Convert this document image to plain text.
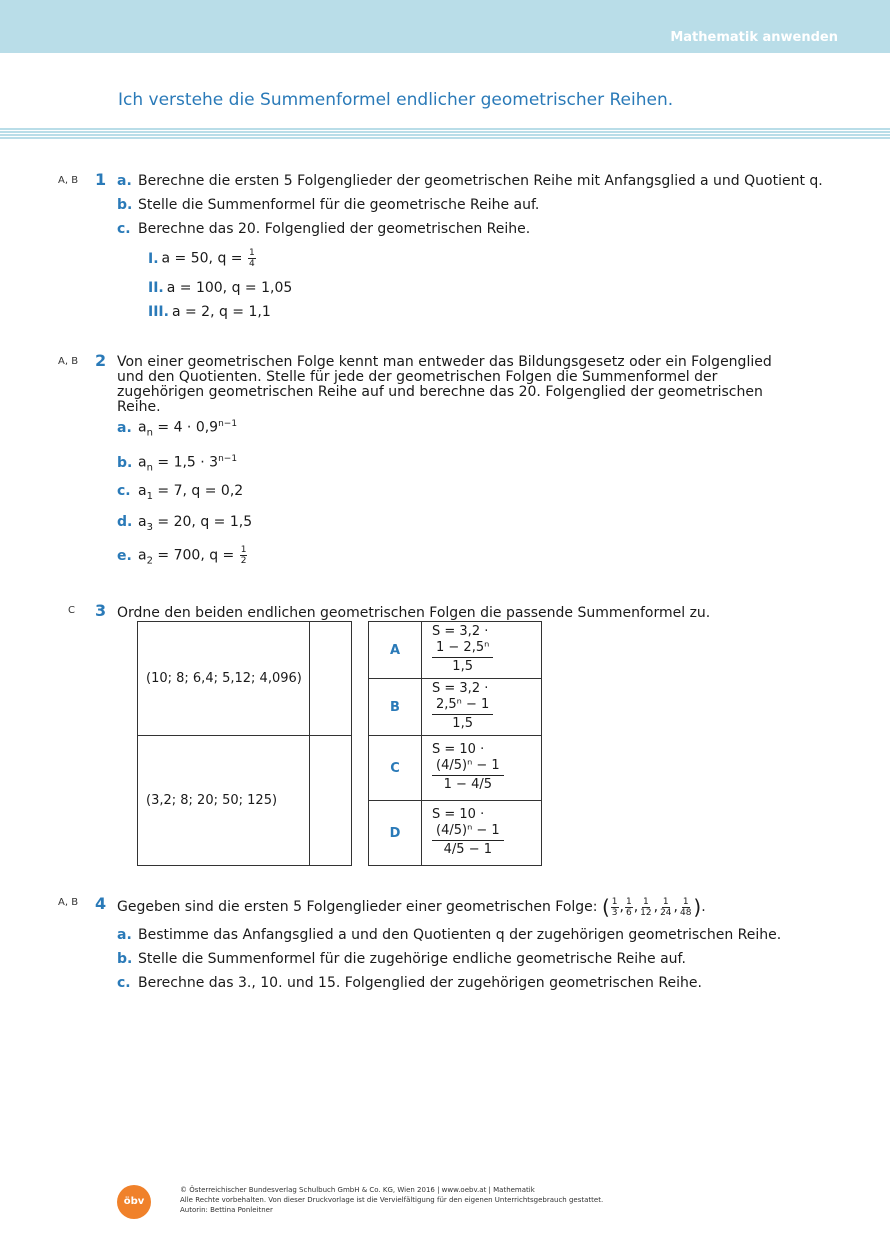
Mathematik anwenden
Ich verstehe die Summenformel endlicher geometrischer Reihen.
A, B 1 a. Berechne die ersten 5 Folgenglieder der geometrischen Reihe mit Anfangsglied a und Quotient q.
b. Stelle die Summenformel für die geometrische Reihe auf.
c. Berechne das 20. Folgenglied der geometrischen Reihe.
I. a = 50, $q = \frac{1}{4}$
II. a = 100, q = 1,05
III. a = 2, q = 1,1
A, B 2 Von einer geometrischen Folge kennt man entweder das Bildungsgesetz oder ein Folgenglied und den Quotienten. Stelle für jede der geometrischen Folgen die Summenformel der zugehörigen geometrischen Reihe auf und berechne das 20. Folgenglied der geometrischen Reihe.
a. $a_n = 4 \cdot 0,9^{n-1}$
b. $a_n = 1,5 \cdot 3^{n-1}$
c. $a_1 = 7$, q = 0,2
d. $a_3 = 20$, q = 1,5
e. $a_2 = 700$, $q = \frac{1}{2}$
C 3 Ordne den beiden endlichen geometrischen Folgen die passende Summenformel zu.
(10; 8; 6,4; 5,12; 4,096)	
(3,2; 8; 20; 50; 125)	
A	S = 3,2 ·
$\frac{\text{1 − 2,5ⁿ}}{1,5}$

B	S = 3,2 ·
$\frac{\text{2,5ⁿ − 1}}{1,5}$

C	S = 10 ·
$\frac{\text{(4/5)ⁿ − 1}}{1 - 4/5}$

D	S = 10 ·
$\frac{\text{(4/5)ⁿ − 1}}{4/5 - 1}$
A, B 4 Gegeben sind die ersten 5 Folgenglieder einer geometrischen Folge: ( $\frac{1}{3}$ , $\frac{1}{6}$ , $\frac{1}{12}$ , $\frac{1}{24}$ , $\frac{1}{48}$ ).
a. Bestimme das Anfangsglied a und den Quotienten q der zugehörigen geometrischen Reihe.
b. Stelle die Summenformel für die zugehörige endliche geometrische Reihe auf.
c. Berechne das 3., 10. und 15. Folgenglied der zugehörigen geometrischen Reihe.
öbv
© Österreichischer Bundesverlag Schulbuch GmbH & Co. KG, Wien 2016 | www.oebv.at | Mathematik
Alle Rechte vorbehalten. Von dieser Druckvorlage ist die Vervielfältigung für den eigenen Unterrichtsgebrauch gestattet.
Autorin: Bettina Ponleitner
